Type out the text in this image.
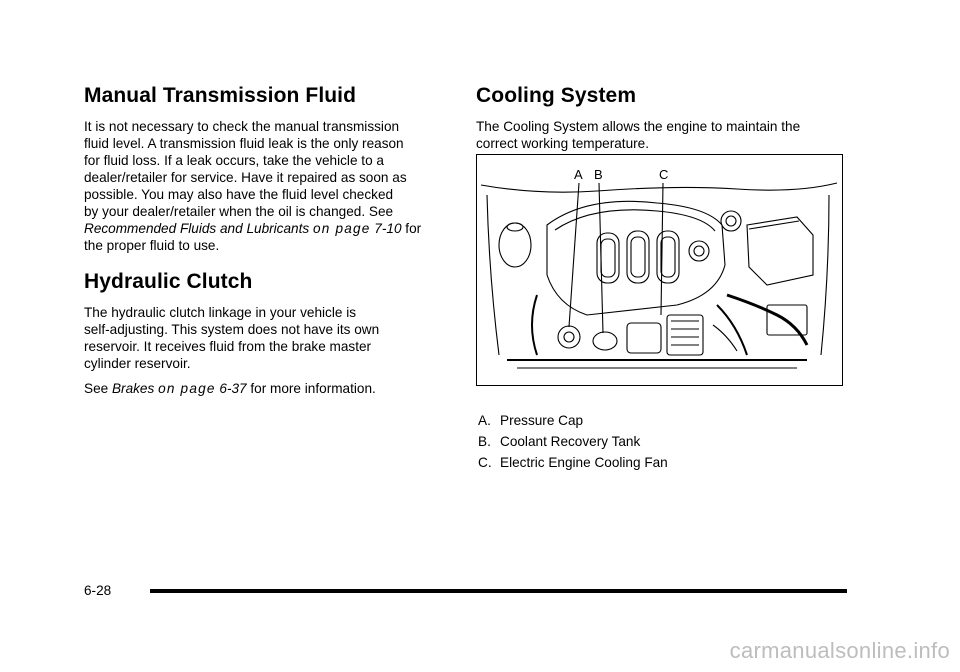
Manual Transmission Fluid

It is not necessary to check the manual transmission
fluid level. A transmission fluid leak is the only reason
for fluid loss. If a leak occurs, take the vehicle to a
dealer/retailer for service. Have it repaired as soon as
possible. You may also have the fluid level checked
by your dealer/retailer when the oil is changed. See
Recommended Fluids and Lubricants on page 7-10 for
the proper fluid to use.

Hydraulic Clutch

The hydraulic clutch linkage in your vehicle is
self-adjusting. This system does not have its own
reservoir. It receives fluid from the brake master
cylinder reservoir.

See Brakes on page 6-37 for more information.

Cooling System

The Cooling System allows the engine to maintain the
correct working temperature.

A B	C
A. Pressure Cap
B. Coolant Recovery Tank
C. Electric Engine Cooling Fan
6-28
carmanualsonline.info
